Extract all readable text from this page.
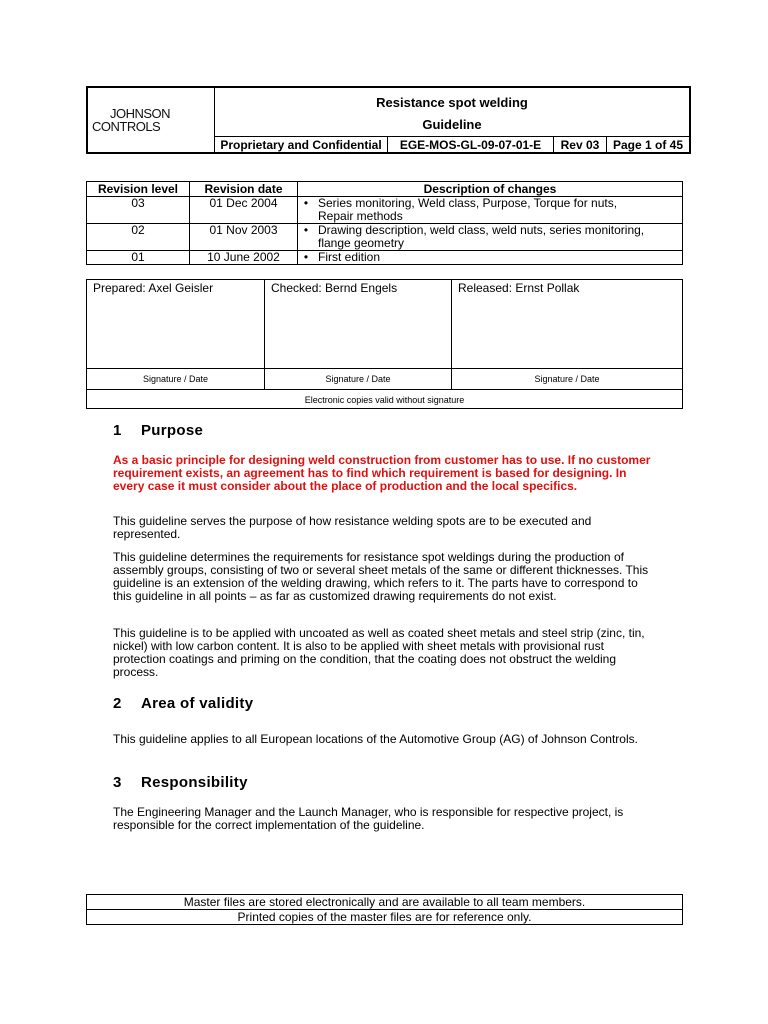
JOHNSON
CONTROLS
Resistance spot welding
Guideline
Proprietary and Confidential	EGE-MOS-GL-09-07-01-E	Rev 03	Page 1 of 45
Revision level	Revision date	Description of changes	
03	01 Dec 2004	•	Series monitoring, Weld class, Purpose, Torque for nuts,
Repair methods

02	01 Nov 2003	•	Drawing description, weld class, weld nuts, series monitoring,
flange geometry

01	10 June 2002	•	First edition
Prepared: Axel Geisler	Checked: Bernd Engels	Released: Ernst Pollak
Signature / Date	Signature / Date	Signature / Date
Electronic copies valid without signature
1 Purpose
As a basic principle for designing weld construction from customer has to use. If no customer requirement exists, an agreement has to find which requirement is based for designing. In every case it must consider about the place of production and the local specifics.
This guideline serves the purpose of how resistance welding spots are to be executed and represented.
This guideline determines the requirements for resistance spot weldings during the production of assembly groups, consisting of two or several sheet metals of the same or different thicknesses. This guideline is an extension of the welding drawing, which refers to it. The parts have to correspond to this guideline in all points – as far as customized drawing requirements do not exist.
This guideline is to be applied with uncoated as well as coated sheet metals and steel strip (zinc, tin, nickel) with low carbon content. It is also to be applied with sheet metals with provisional rust protection coatings and priming on the condition, that the coating does not obstruct the welding process.
2 Area of validity
This guideline applies to all European locations of the Automotive Group (AG) of Johnson Controls.
3 Responsibility
The Engineering Manager and the Launch Manager, who is responsible for respective project, is responsible for the correct implementation of the guideline.
Master files are stored electronically and are available to all team members.
Printed copies of the master files are for reference only.
